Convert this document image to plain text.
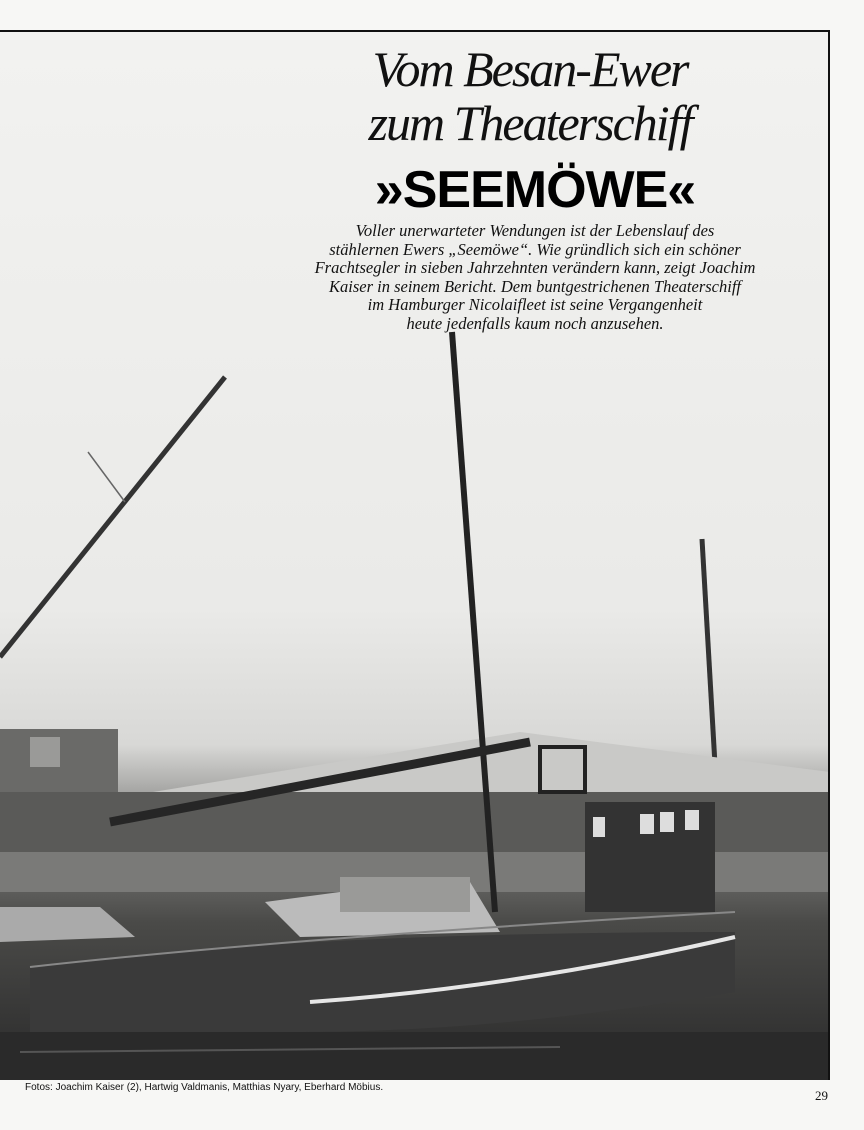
Vom Besan-Ewer
zum Theaterschiff
»SEEMÖWE«
Voller unerwarteter Wendungen ist der Lebenslauf des
stählernen Ewers „Seemöwe“. Wie gründlich sich ein schöner
Frachtsegler in sieben Jahrzehnten verändern kann, zeigt Joachim
Kaiser in seinem Bericht. Dem buntgestrichenen Theaterschiff
im Hamburger Nicolaifleet ist seine Vergangenheit
heute jedenfalls kaum noch anzusehen.
Fotos: Joachim Kaiser (2), Hartwig Valdmanis, Matthias Nyary, Eberhard Möbius.
29
